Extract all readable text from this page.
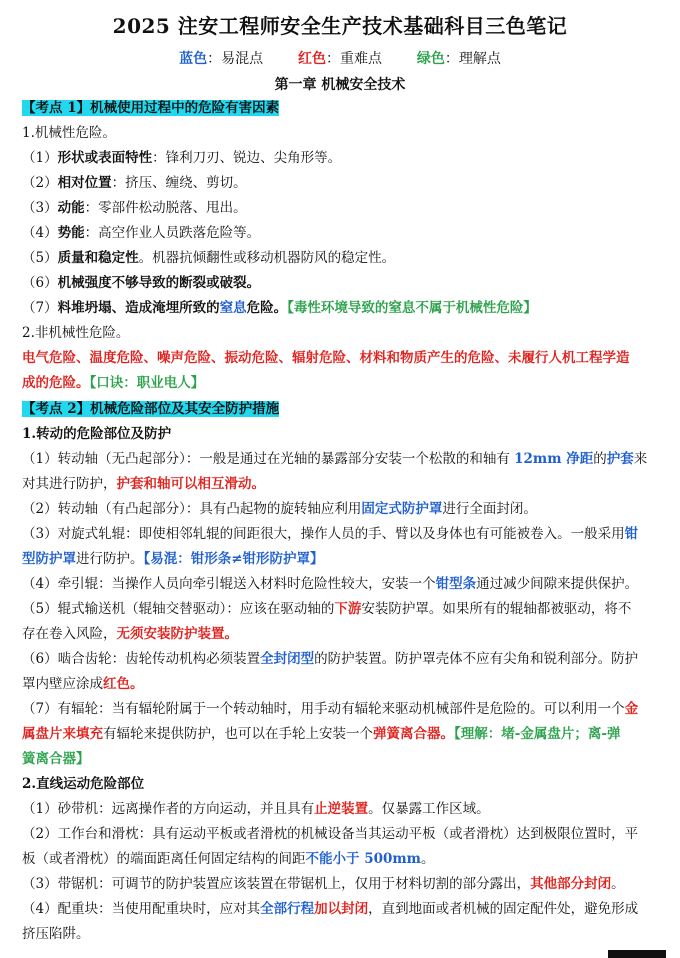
2025 注安工程师安全生产技术基础科目三色笔记
蓝色：易混点 红色：重难点 绿色：理解点
第一章 机械安全技术
【考点 1】机械使用过程中的危险有害因素
1.机械性危险。
（1）形状或表面特性：锋利刀刃、锐边、尖角形等。
（2）相对位置：挤压、缠绕、剪切。
（3）动能：零部件松动脱落、甩出。
（4）势能：高空作业人员跌落危险等。
（5）质量和稳定性。机器抗倾翻性或移动机器防风的稳定性。
（6）机械强度不够导致的断裂或破裂。
（7）料堆坍塌、造成淹埋所致的窒息危险。【毒性环境导致的窒息不属于机械性危险】
2.非机械性危险。
电气危险、温度危险、噪声危险、振动危险、辐射危险、材料和物质产生的危险、未履行人机工程学造
成的危险。【口诀：职业电人】
【考点 2】机械危险部位及其安全防护措施
1.转动的危险部位及防护
（1）转动轴（无凸起部分）：一般是通过在光轴的暴露部分安装一个松散的和轴有 12mm 净距的护套来
对其进行防护，护套和轴可以相互滑动。
（2）转动轴（有凸起部分）：具有凸起物的旋转轴应利用固定式防护罩进行全面封闭。
（3）对旋式轧辊：即使相邻轧辊的间距很大，操作人员的手、臂以及身体也有可能被卷入。一般采用钳
型防护罩进行防护。【易混：钳形条≠钳形防护罩】
（4）牵引辊：当操作人员向牵引辊送入材料时危险性较大，安装一个钳型条通过减少间隙来提供保护。
（5）辊式输送机（辊轴交替驱动）：应该在驱动轴的下游安装防护罩。如果所有的辊轴都被驱动，将不
存在卷入风险，无须安装防护装置。
（6）啮合齿轮：齿轮传动机构必须装置全封闭型的防护装置。防护罩壳体不应有尖角和锐利部分。防护
罩内壁应涂成红色。
（7）有辐轮：当有辐轮附属于一个转动轴时，用手动有辐轮来驱动机械部件是危险的。可以利用一个金
属盘片来填充有辐轮来提供防护，也可以在手轮上安装一个弹簧离合器。【理解：堵-金属盘片；离-弹
簧离合器】
2.直线运动危险部位
（1）砂带机：远离操作者的方向运动，并且具有止逆装置。仅暴露工作区域。
（2）工作台和滑枕：具有运动平板或者滑枕的机械设备当其运动平板（或者滑枕）达到极限位置时，平
板（或者滑枕）的端面距离任何固定结构的间距不能小于 500mm。
（3）带锯机：可调节的防护装置应该装置在带锯机上，仅用于材料切割的部分露出，其他部分封闭。
（4）配重块：当使用配重块时，应对其全部行程加以封闭，直到地面或者机械的固定配件处，避免形成
挤压陷阱。
